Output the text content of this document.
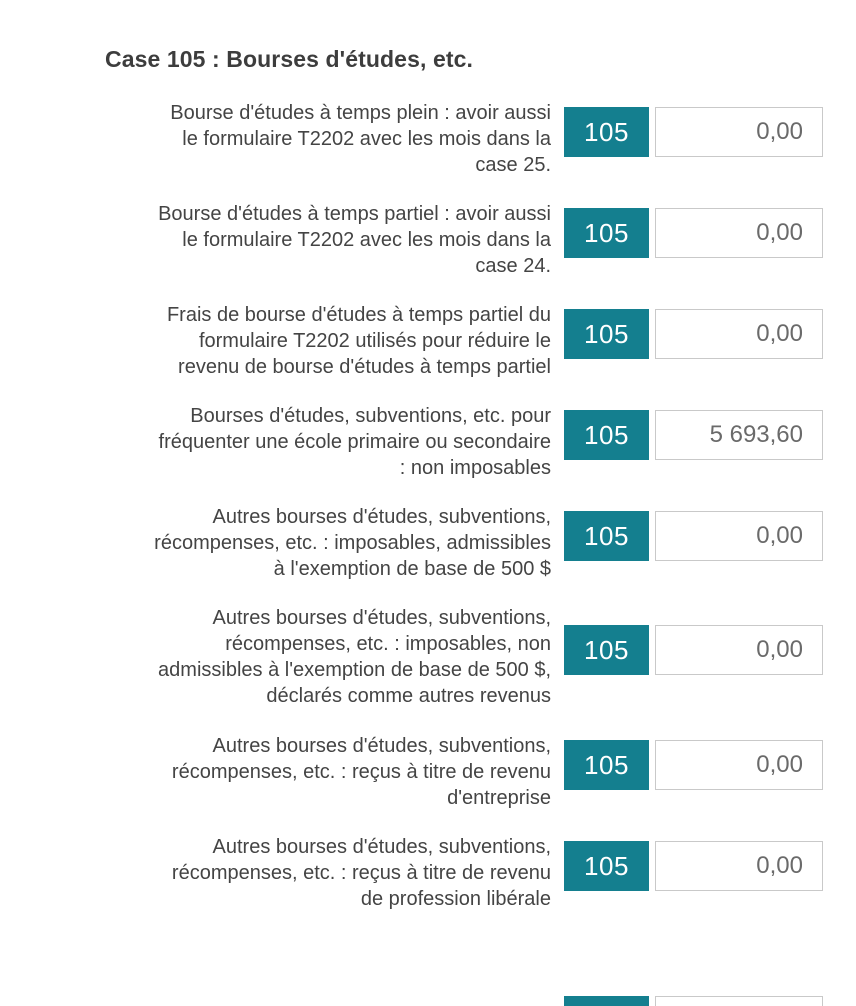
Case 105 : Bourses d'études, etc.
Bourse d'études à temps plein : avoir aussi
le formulaire T2202 avec les mois dans la
case 25.
105
0,00
Bourse d'études à temps partiel : avoir aussi
le formulaire T2202 avec les mois dans la
case 24.
105
0,00
Frais de bourse d'études à temps partiel du
formulaire T2202 utilisés pour réduire le
revenu de bourse d'études à temps partiel
105
0,00
Bourses d'études, subventions, etc. pour
fréquenter une école primaire ou secondaire
: non imposables
105
5 693,60
Autres bourses d'études, subventions,
récompenses, etc. : imposables, admissibles
à l'exemption de base de 500 $
105
0,00
Autres bourses d'études, subventions,
récompenses, etc. : imposables, non
admissibles à l'exemption de base de 500 $,
déclarés comme autres revenus
105
0,00
Autres bourses d'études, subventions,
récompenses, etc. : reçus à titre de revenu
d'entreprise
105
0,00
Autres bourses d'études, subventions,
récompenses, etc. : reçus à titre de revenu
de profession libérale
105
0,00
